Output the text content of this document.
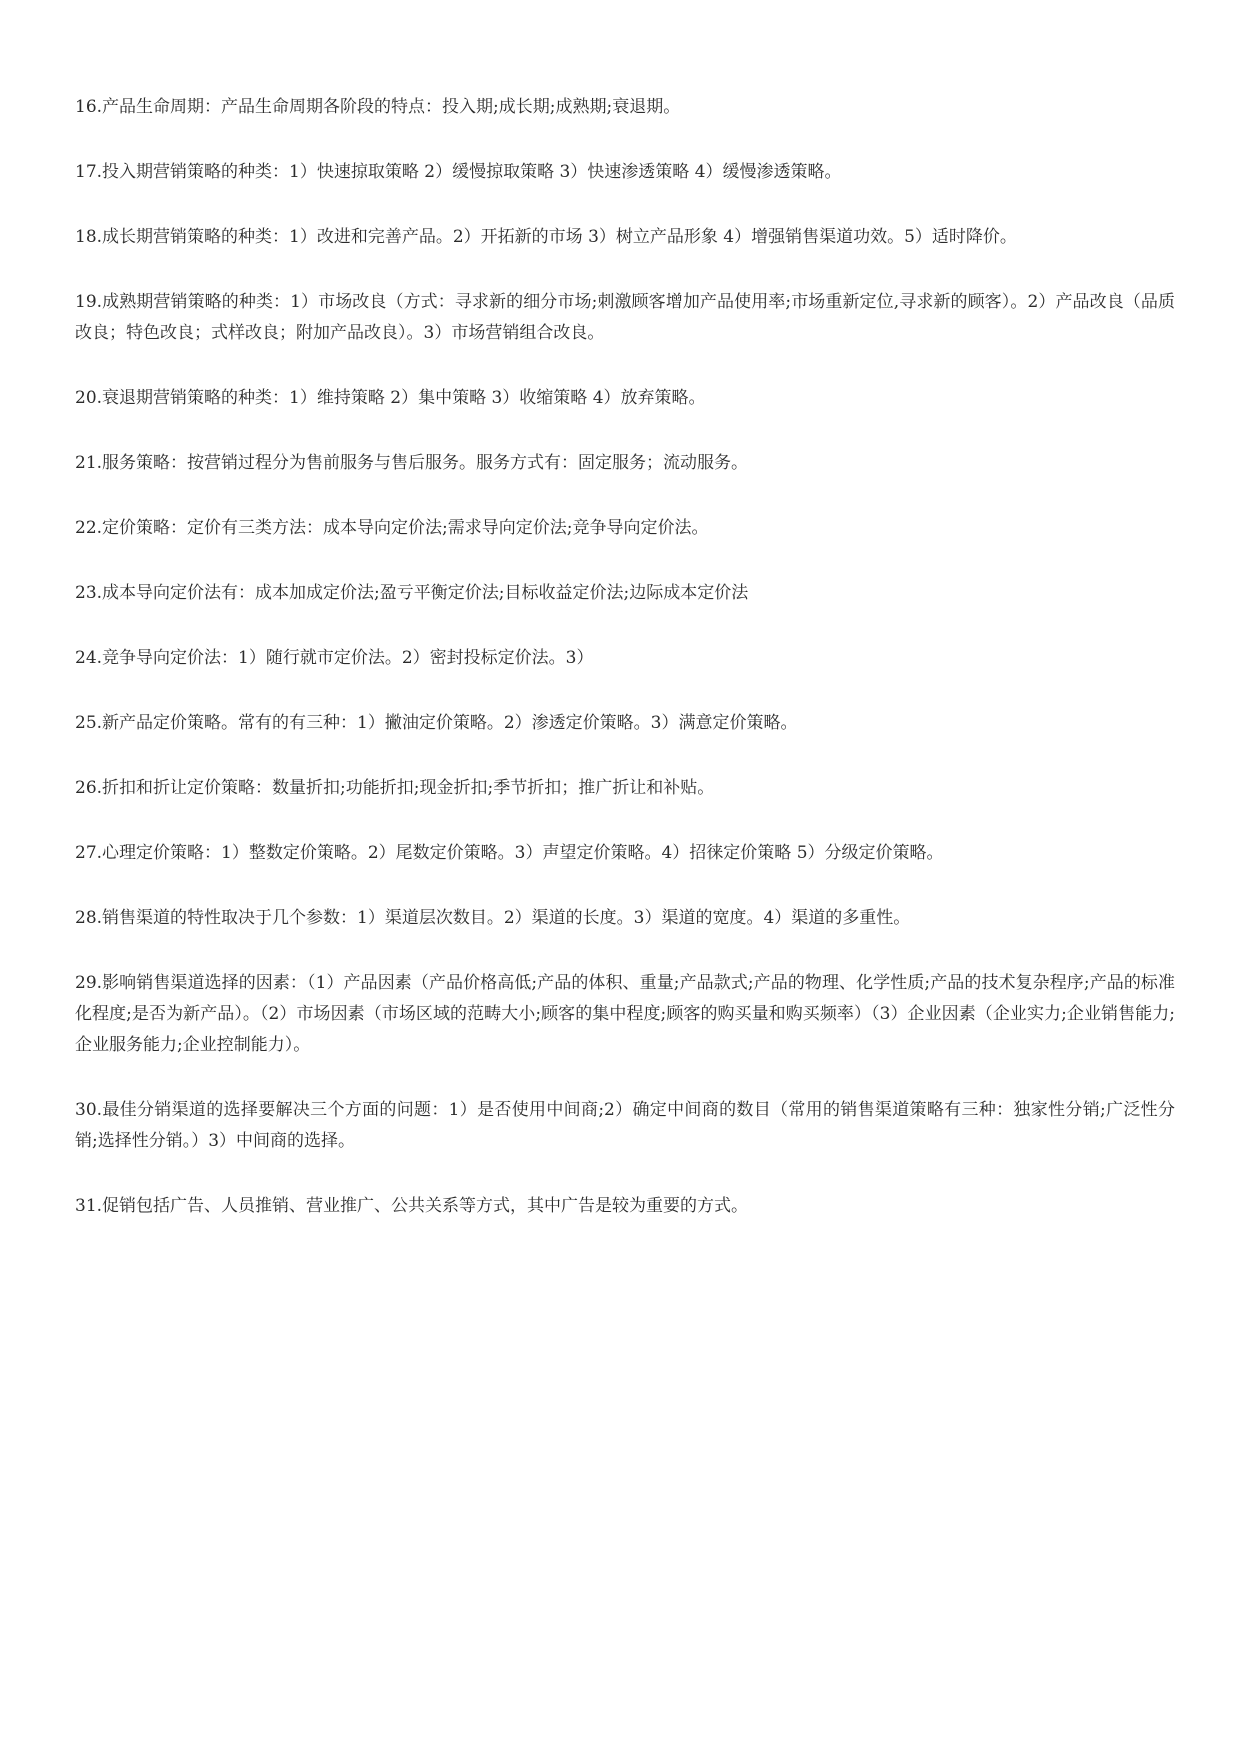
16.产品生命周期：产品生命周期各阶段的特点：投入期;成长期;成熟期;衰退期。

17.投入期营销策略的种类：1）快速掠取策略 2）缓慢掠取策略 3）快速渗透策略 4）缓慢渗透策略。

18.成长期营销策略的种类：1）改进和完善产品。2）开拓新的市场 3）树立产品形象 4）增强销售渠道功效。5）适时降价。

19.成熟期营销策略的种类：1）市场改良（方式：寻求新的细分市场;刺激顾客增加产品使用率;市场重新定位,寻求新的顾客）。2）产品改良（品质改良；特色改良；式样改良；附加产品改良）。3）市场营销组合改良。

20.衰退期营销策略的种类：1）维持策略 2）集中策略 3）收缩策略 4）放弃策略。

21.服务策略：按营销过程分为售前服务与售后服务。服务方式有：固定服务；流动服务。

22.定价策略：定价有三类方法：成本导向定价法;需求导向定价法;竞争导向定价法。

23.成本导向定价法有：成本加成定价法;盈亏平衡定价法;目标收益定价法;边际成本定价法

24.竞争导向定价法：1）随行就市定价法。2）密封投标定价法。3）

25.新产品定价策略。常有的有三种：1）撇油定价策略。2）渗透定价策略。3）满意定价策略。

26.折扣和折让定价策略：数量折扣;功能折扣;现金折扣;季节折扣；推广折让和补贴。

27.心理定价策略：1）整数定价策略。2）尾数定价策略。3）声望定价策略。4）招徕定价策略 5）分级定价策略。

28.销售渠道的特性取决于几个参数：1）渠道层次数目。2）渠道的长度。3）渠道的宽度。4）渠道的多重性。

29.影响销售渠道选择的因素：（1）产品因素（产品价格高低;产品的体积、重量;产品款式;产品的物理、化学性质;产品的技术复杂程序;产品的标准化程度;是否为新产品）。（2）市场因素（市场区域的范畴大小;顾客的集中程度;顾客的购买量和购买频率）（3）企业因素（企业实力;企业销售能力;企业服务能力;企业控制能力）。

30.最佳分销渠道的选择要解决三个方面的问题：1）是否使用中间商;2）确定中间商的数目（常用的销售渠道策略有三种：独家性分销;广泛性分销;选择性分销。）3）中间商的选择。

31.促销包括广告、人员推销、营业推广、公共关系等方式，其中广告是较为重要的方式。
